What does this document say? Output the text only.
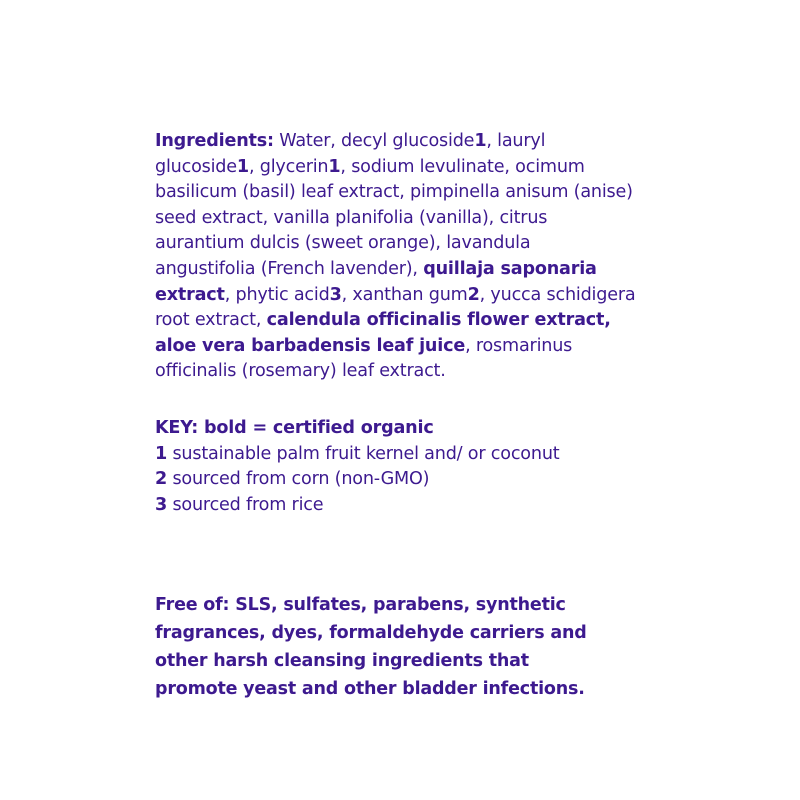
Ingredients: Water, decyl glucoside1, lauryl
glucoside1, glycerin1, sodium levulinate, ocimum
basilicum (basil) leaf extract, pimpinella anisum (anise)
seed extract, vanilla planifolia (vanilla), citrus
aurantium dulcis (sweet orange), lavandula
angustifolia (French lavender), quillaja saponaria
extract, phytic acid3, xanthan gum2, yucca schidigera
root extract, calendula officinalis flower extract,
aloe vera barbadensis leaf juice, rosmarinus
officinalis (rosemary) leaf extract.
KEY: bold = certified organic
1 sustainable palm fruit kernel and/ or coconut
2 sourced from corn (non-GMO)
3 sourced from rice
Free of: SLS, sulfates, parabens, synthetic
fragrances, dyes, formaldehyde carriers and
other harsh cleansing ingredients that
promote yeast and other bladder infections.
